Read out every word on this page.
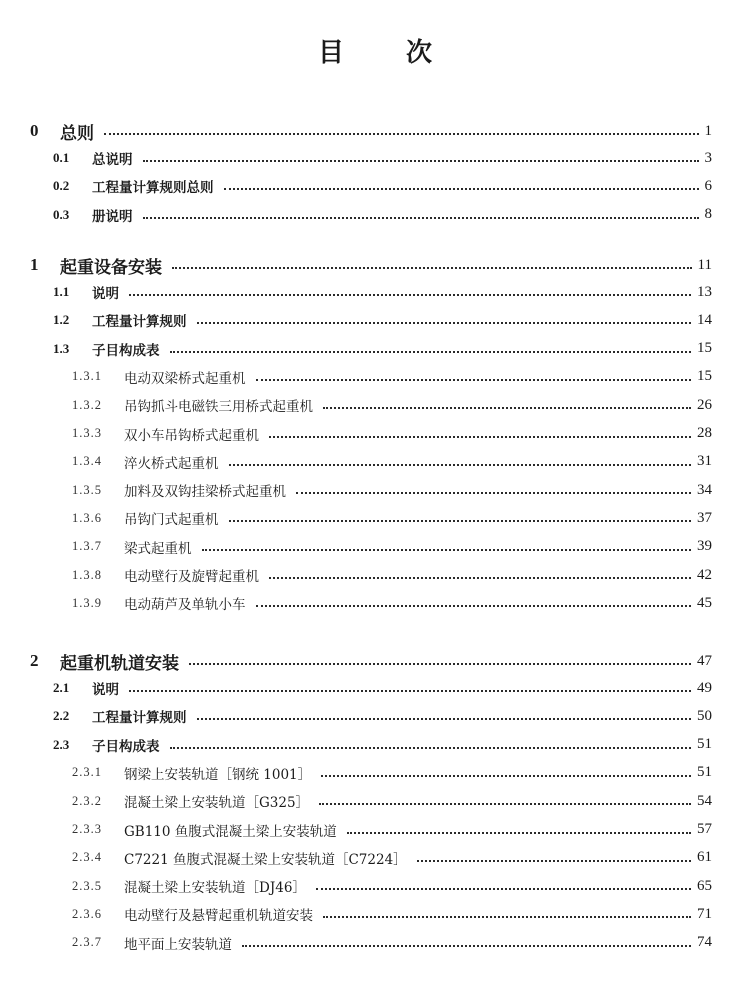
目 次
0 总则	1
0.1 总说明	3
0.2 工程量计算规则总则	6
0.3 册说明	8
1 起重设备安装	11
1.1 说明	13
1.2 工程量计算规则	14
1.3 子目构成表	15
1.3.1 电动双梁桥式起重机	15
1.3.2 吊钩抓斗电磁铁三用桥式起重机	26
1.3.3 双小车吊钩桥式起重机	28
1.3.4 淬火桥式起重机	31
1.3.5 加料及双钩挂梁桥式起重机	34
1.3.6 吊钩门式起重机	37
1.3.7 梁式起重机	39
1.3.8 电动壁行及旋臂起重机	42
1.3.9 电动葫芦及单轨小车	45
2 起重机轨道安装	47
2.1 说明	49
2.2 工程量计算规则	50
2.3 子目构成表	51
2.3.1 钢梁上安装轨道［钢统 1001］	51
2.3.2 混凝土梁上安装轨道［G325］	54
2.3.3 GB110 鱼腹式混凝土梁上安装轨道	57
2.3.4 C7221 鱼腹式混凝土梁上安装轨道［C7224］	61
2.3.5 混凝土梁上安装轨道［DJ46］	65
2.3.6 电动壁行及悬臂起重机轨道安装	71
2.3.7 地平面上安装轨道	74
